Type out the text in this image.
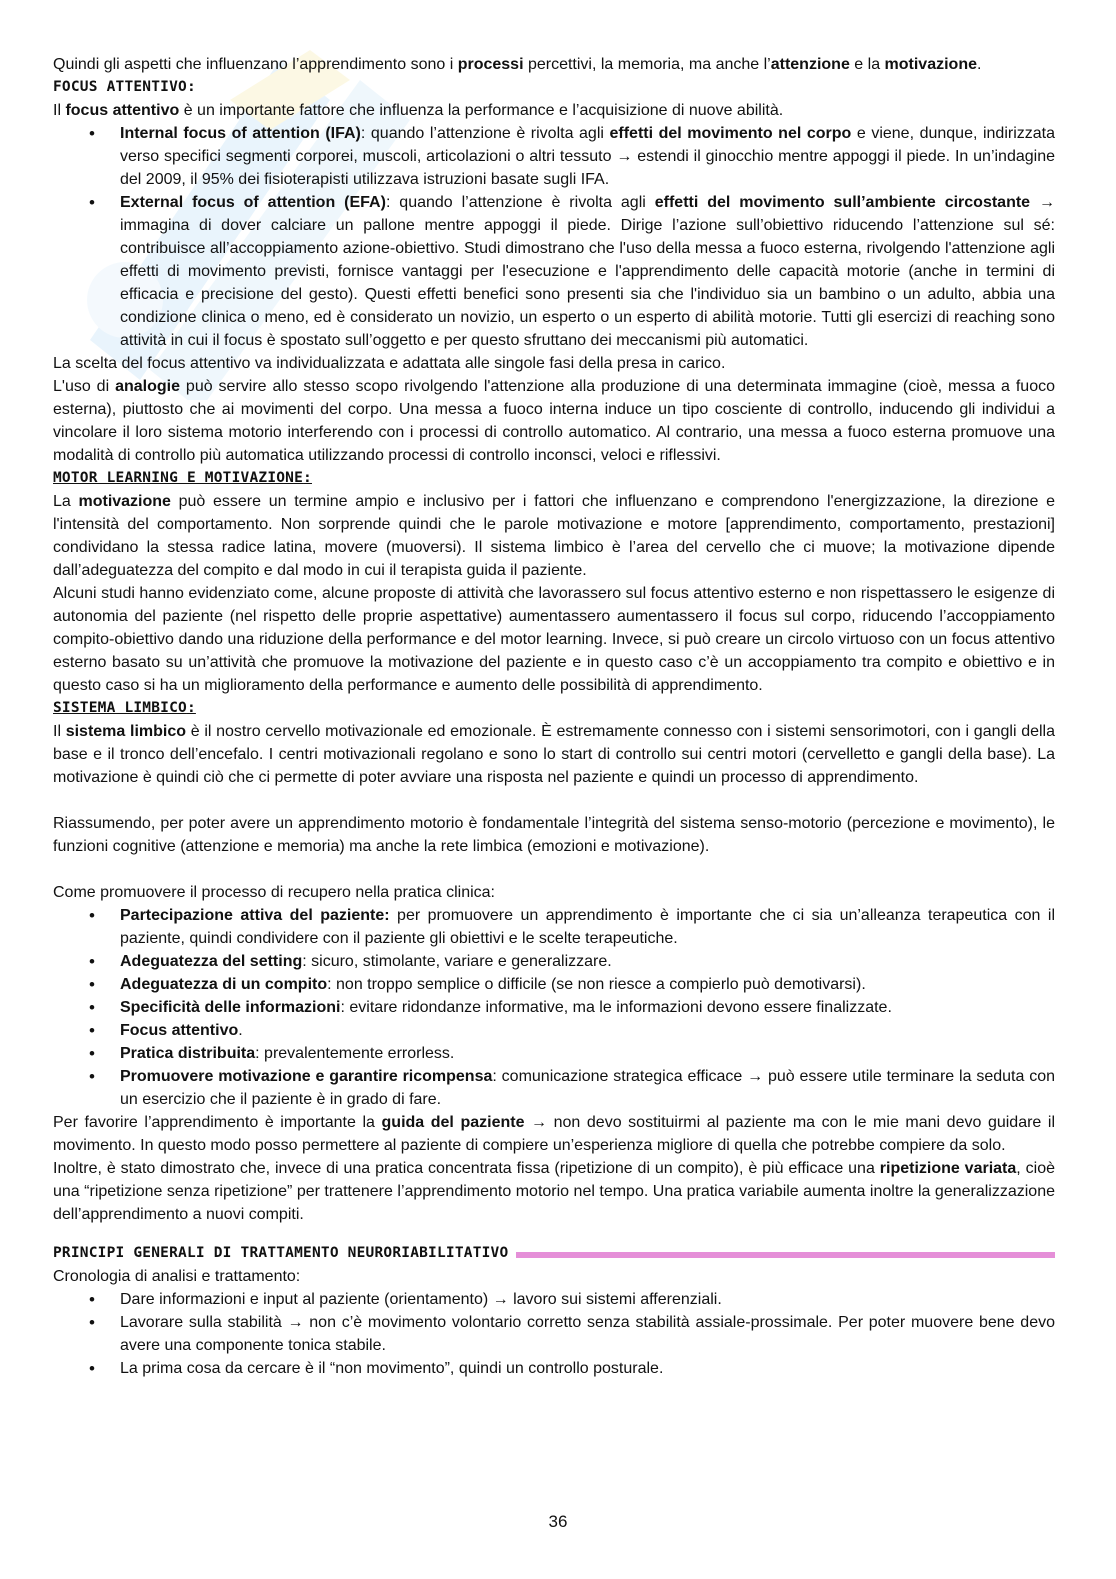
Quindi gli aspetti che influenzano l’apprendimento sono i processi percettivi, la memoria, ma anche l’attenzione e la motivazione.

FOCUS ATTENTIVO:

Il focus attentivo è un importante fattore che influenza la performance e l’acquisizione di nuove abilità.

• Internal focus of attention (IFA): quando l’attenzione è rivolta agli effetti del movimento nel corpo e viene, dunque, indirizzata verso specifici segmenti corporei, muscoli, articolazioni o altri tessuto → estendi il ginocchio mentre appoggi il piede. In un’indagine del 2009, il 95% dei fisioterapisti utilizzava istruzioni basate sugli IFA.
• External focus of attention (EFA): quando l’attenzione è rivolta agli effetti del movimento sull’ambiente circostante → immagina di dover calciare un pallone mentre appoggi il piede. Dirige l’azione sull’obiettivo riducendo l’attenzione sul sé: contribuisce all’accoppiamento azione-obiettivo. Studi dimostrano che l'uso della messa a fuoco esterna, rivolgendo l'attenzione agli effetti di movimento previsti, fornisce vantaggi per l'esecuzione e l'apprendimento delle capacità motorie (anche in termini di efficacia e precisione del gesto). Questi effetti benefici sono presenti sia che l'individuo sia un bambino o un adulto, abbia una condizione clinica o meno, ed è considerato un novizio, un esperto o un esperto di abilità motorie. Tutti gli esercizi di reaching sono attività in cui il focus è spostato sull’oggetto e per questo sfruttano dei meccanismi più automatici.

La scelta del focus attentivo va individualizzata e adattata alle singole fasi della presa in carico.

L'uso di analogie può servire allo stesso scopo rivolgendo l'attenzione alla produzione di una determinata immagine (cioè, messa a fuoco esterna), piuttosto che ai movimenti del corpo. Una messa a fuoco interna induce un tipo cosciente di controllo, inducendo gli individui a vincolare il loro sistema motorio interferendo con i processi di controllo automatico. Al contrario, una messa a fuoco esterna promuove una modalità di controllo più automatica utilizzando processi di controllo inconsci, veloci e riflessivi.

MOTOR LEARNING E MOTIVAZIONE:

La motivazione può essere un termine ampio e inclusivo per i fattori che influenzano e comprendono l'energizzazione, la direzione e l'intensità del comportamento. Non sorprende quindi che le parole motivazione e motore [apprendimento, comportamento, prestazioni] condividano la stessa radice latina, movere (muoversi). Il sistema limbico è l’area del cervello che ci muove; la motivazione dipende dall’adeguatezza del compito e dal modo in cui il terapista guida il paziente.

Alcuni studi hanno evidenziato come, alcune proposte di attività che lavorassero sul focus attentivo esterno e non rispettassero le esigenze di autonomia del paziente (nel rispetto delle proprie aspettative) aumentassero aumentassero il focus sul corpo, riducendo l’accoppiamento compito-obiettivo dando una riduzione della performance e del motor learning. Invece, si può creare un circolo virtuoso con un focus attentivo esterno basato su un’attività che promuove la motivazione del paziente e in questo caso c’è un accoppiamento tra compito e obiettivo e in questo caso si ha un miglioramento della performance e aumento delle possibilità di apprendimento.

SISTEMA LIMBICO:

Il sistema limbico è il nostro cervello motivazionale ed emozionale. È estremamente connesso con i sistemi sensorimotori, con i gangli della base e il tronco dell’encefalo. I centri motivazionali regolano e sono lo start di controllo sui centri motori (cervelletto e gangli della base). La motivazione è quindi ciò che ci permette di poter avviare una risposta nel paziente e quindi un processo di apprendimento.

Riassumendo, per poter avere un apprendimento motorio è fondamentale l’integrità del sistema senso-motorio (percezione e movimento), le funzioni cognitive (attenzione e memoria) ma anche la rete limbica (emozioni e motivazione).

Come promuovere il processo di recupero nella pratica clinica:

• Partecipazione attiva del paziente: per promuovere un apprendimento è importante che ci sia un’alleanza terapeutica con il paziente, quindi condividere con il paziente gli obiettivi e le scelte terapeutiche.
• Adeguatezza del setting: sicuro, stimolante, variare e generalizzare.
• Adeguatezza di un compito: non troppo semplice o difficile (se non riesce a compierlo può demotivarsi).
• Specificità delle informazioni: evitare ridondanze informative, ma le informazioni devono essere finalizzate.
• Focus attentivo.
• Pratica distribuita: prevalentemente errorless.
• Promuovere motivazione e garantire ricompensa: comunicazione strategica efficace → può essere utile terminare la seduta con un esercizio che il paziente è in grado di fare.

Per favorire l’apprendimento è importante la guida del paziente → non devo sostituirmi al paziente ma con le mie mani devo guidare il movimento. In questo modo posso permettere al paziente di compiere un’esperienza migliore di quella che potrebbe compiere da solo.

Inoltre, è stato dimostrato che, invece di una pratica concentrata fissa (ripetizione di un compito), è più efficace una ripetizione variata, cioè una “ripetizione senza ripetizione” per trattenere l’apprendimento motorio nel tempo. Una pratica variabile aumenta inoltre la generalizzazione dell’apprendimento a nuovi compiti.

PRINCIPI GENERALI DI TRATTAMENTO NEURORIABILITATIVO

Cronologia di analisi e trattamento:

• Dare informazioni e input al paziente (orientamento) → lavoro sui sistemi afferenziali.
• Lavorare sulla stabilità → non c’è movimento volontario corretto senza stabilità assiale-prossimale. Per poter muovere bene devo avere una componente tonica stabile.
• La prima cosa da cercare è il “non movimento”, quindi un controllo posturale.
36
